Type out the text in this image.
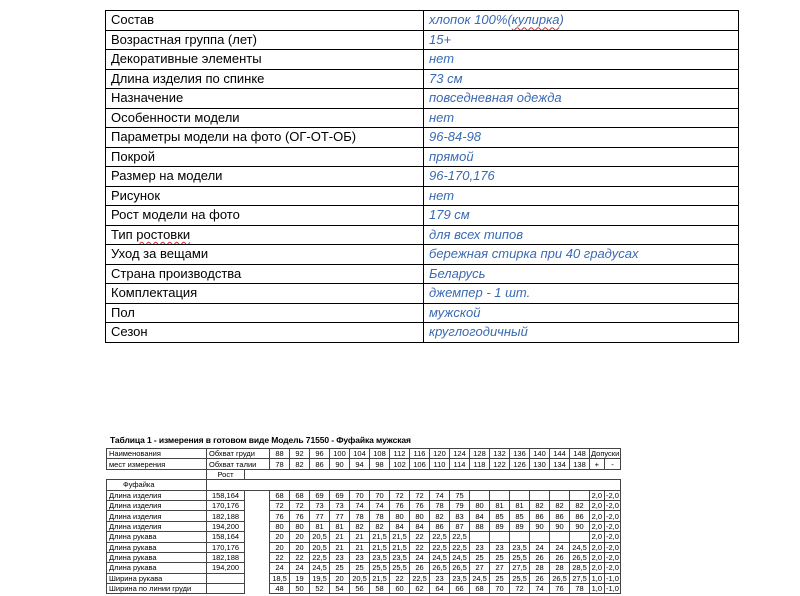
Состав	хлопок 100%(кулирка)
Возрастная группа (лет)	15+
Декоративные элементы	нет
Длина изделия по спинке	73 см
Назначение	повседневная одежда
Особенности модели	нет
Параметры модели на фото (ОГ-ОТ-ОБ)	96-84-98
Покрой	прямой
Размер на модели	96-170,176
Рисунок	нет
Рост модели на фото	179 см
Тип ростовки	для всех типов
Уход за вещами	бережная стирка при 40 градусах
Страна производства	Беларусь
Комплектация	джемпер - 1 шт.
Пол	мужской
Сезон	круглогодичный
Таблица 1 - измерения в готовом виде Модель 71550 - Фуфайка мужская
Наименования	Обхват груди		88	92	96	100	104	108	112	116	120	124	128	132	136	140	144	148	Допуски	
мест измерения	Обхват талии		78	82	86	90	94	98	102	106	110	114	118	122	126	130	134	138	+	-
	Рост																			
Фуфайка																				
Длина изделия	158,164		68	68	69	69	70	70	72	72	74	75							2,0	-2,0
Длина изделия	170,176		72	72	73	73	74	74	76	76	78	79	80	81	81	82	82	82	2,0	-2,0
Длина изделия	182,188		76	76	77	77	78	78	80	80	82	83	84	85	85	86	86	86	2,0	-2,0
Длина изделия	194,200		80	80	81	81	82	82	84	84	86	87	88	89	89	90	90	90	2,0	-2,0
Длина рукава	158,164		20	20	20,5	21	21	21,5	21,5	22	22,5	22,5							2,0	-2,0
Длина рукава	170,176		20	20	20,5	21	21	21,5	21,5	22	22,5	22,5	23	23	23,5	24	24	24,5	2,0	-2,0
Длина рукава	182,188		22	22	22,5	23	23	23,5	23,5	24	24,5	24,5	25	25	25,5	26	26	26,5	2,0	-2,0
Длина рукава	194,200		24	24	24,5	25	25	25,5	25,5	26	26,5	26,5	27	27	27,5	28	28	28,5	2,0	-2,0
Ширина рукава			18,5	19	19,5	20	20,5	21,5	22	22,5	23	23,5	24,5	25	25,5	26	26,5	27,5	1,0	-1,0
Ширина по линии груди			48	50	52	54	56	58	60	62	64	66	68	70	72	74	76	78	1,0	-1,0
